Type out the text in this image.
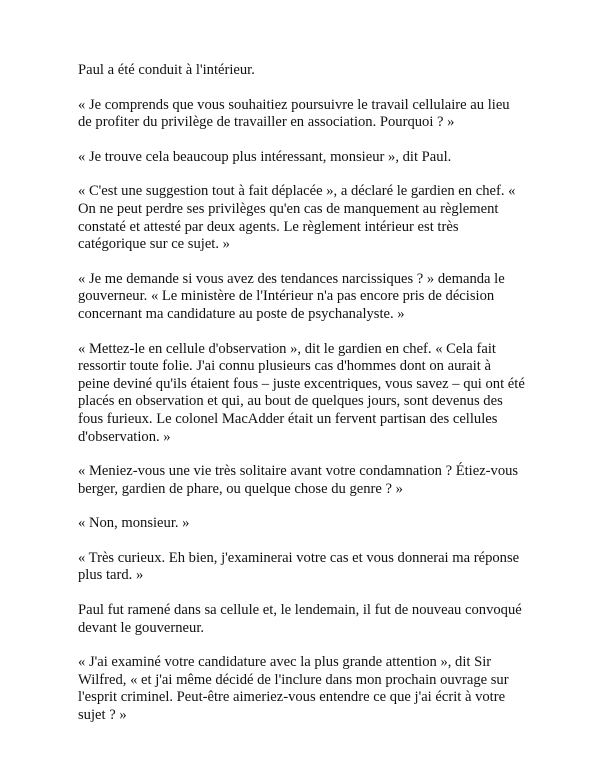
Paul a été conduit à l'intérieur.

« Je comprends que vous souhaitiez poursuivre le travail cellulaire au lieu de profiter du privilège de travailler en association. Pourquoi ? »

« Je trouve cela beaucoup plus intéressant, monsieur », dit Paul.

« C'est une suggestion tout à fait déplacée », a déclaré le gardien en chef. « On ne peut perdre ses privilèges qu'en cas de manquement au règlement constaté et attesté par deux agents. Le règlement intérieur est très catégorique sur ce sujet. »

« Je me demande si vous avez des tendances narcissiques ? » demanda le gouverneur. « Le ministère de l'Intérieur n'a pas encore pris de décision concernant ma candidature au poste de psychanalyste. »

« Mettez-le en cellule d'observation », dit le gardien en chef. « Cela fait ressortir toute folie. J'ai connu plusieurs cas d'hommes dont on aurait à peine deviné qu'ils étaient fous – juste excentriques, vous savez – qui ont été placés en observation et qui, au bout de quelques jours, sont devenus des fous furieux. Le colonel MacAdder était un fervent partisan des cellules d'observation. »

« Meniez-vous une vie très solitaire avant votre condamnation ? Étiez-vous berger, gardien de phare, ou quelque chose du genre ? »

« Non, monsieur. »

« Très curieux. Eh bien, j'examinerai votre cas et vous donnerai ma réponse plus tard. »

Paul fut ramené dans sa cellule et, le lendemain, il fut de nouveau convoqué devant le gouverneur.

« J'ai examiné votre candidature avec la plus grande attention », dit Sir Wilfred, « et j'ai même décidé de l'inclure dans mon prochain ouvrage sur l'esprit criminel. Peut-être aimeriez-vous entendre ce que j'ai écrit à votre sujet ? »
